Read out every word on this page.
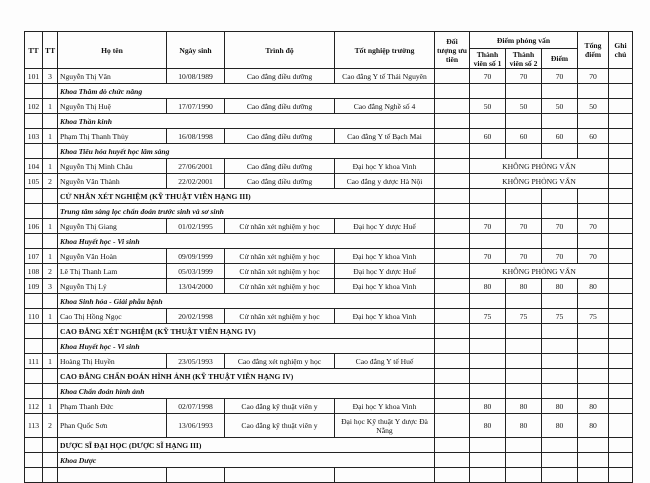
TT	TT	Họ tên	Ngày sinh	Trình độ	Tốt nghiệp trường	Đối tượng ưu tiên	Điểm phỏng vấn			Tổng điểm	Ghi chú
							Thành viên số 1	Thành viên số 2	Điểm		
101	3	Nguyễn Thị Vân	10/08/1989	Cao đẳng điều dưỡng	Cao đẳng Y tế Thái Nguyên		70	70	70	70	
		Khoa Thăm dò chức năng									
102	1	Nguyễn Thị Huệ	17/07/1990	Cao đẳng điều dưỡng	Cao đẳng Nghề số 4		50	50	50	50	
		Khoa Thần kinh									
103	1	Phạm Thị Thanh Thủy	16/08/1998	Cao đẳng điều dưỡng	Cao đẳng Y tế Bạch Mai		60	60	60	60	
		Khoa Tiêu hóa huyết học lâm sàng									
104	1	Nguyễn Thị Minh Châu	27/06/2001	Cao đẳng điều dưỡng	Đại học Y khoa Vinh		KHÔNG PHỎNG VẤN				
105	2	Nguyễn Văn Thành	22/02/2001	Cao đẳng điều dưỡng	Cao đẳng y dược Hà Nội		KHÔNG PHỎNG VẤN				
		CỬ NHÂN XÉT NGHIỆM (KỸ THUẬT VIÊN HẠNG III)									
		Trung tâm sàng lọc chẩn đoán trước sinh và sơ sinh									
106	1	Nguyễn Thị Giang	01/02/1995	Cử nhân xét nghiệm y học	Đại học Y dược Huế		70	70	70	70	
		Khoa Huyết học - Vi sinh									
107	1	Nguyễn Văn Hoàn	09/09/1999	Cử nhân xét nghiệm y học	Đại học Y khoa Vinh		70	70	70	70	
108	2	Lê Thị Thanh Lam	05/03/1999	Cử nhân xét nghiệm y học	Đại học Y dược Huế		KHÔNG PHỎNG VẤN				
109	3	Nguyễn Thị Lý	13/04/2000	Cử nhân xét nghiệm y học	Đại học Y khoa Vinh		80	80	80	80	
		Khoa Sinh hóa - Giải phẫu bệnh									
110	1	Cao Thị Hồng Ngọc	20/02/1998	Cử nhân xét nghiệm y học	Đại học Y khoa Vinh		75	75	75	75	
		CAO ĐẲNG XÉT NGHIỆM (KỸ THUẬT VIÊN HẠNG IV)									
		Khoa Huyết học - Vi sinh									
111	1	Hoàng Thị Huyền	23/05/1993	Cao đẳng xét nghiệm y học	Cao đẳng Y tế Huế						
		CAO ĐẲNG CHẨN ĐOÁN HÌNH ẢNH (KỸ THUẬT VIÊN HẠNG IV)									
		Khoa Chẩn đoán hình ảnh									
112	1	Phạm Thanh Đức	02/07/1998	Cao đẳng kỹ thuật viên y	Đại học Y khoa Vinh		80	80	80	80	
113	2	Phan Quốc Sơn	13/06/1993	Cao đẳng kỹ thuật viên y	Đại học Kỹ thuật Y dược Đà Nẵng		80	80	80	80	
		DƯỢC SĨ ĐẠI HỌC (DƯỢC SĨ HẠNG III)									
		Khoa Dược									
